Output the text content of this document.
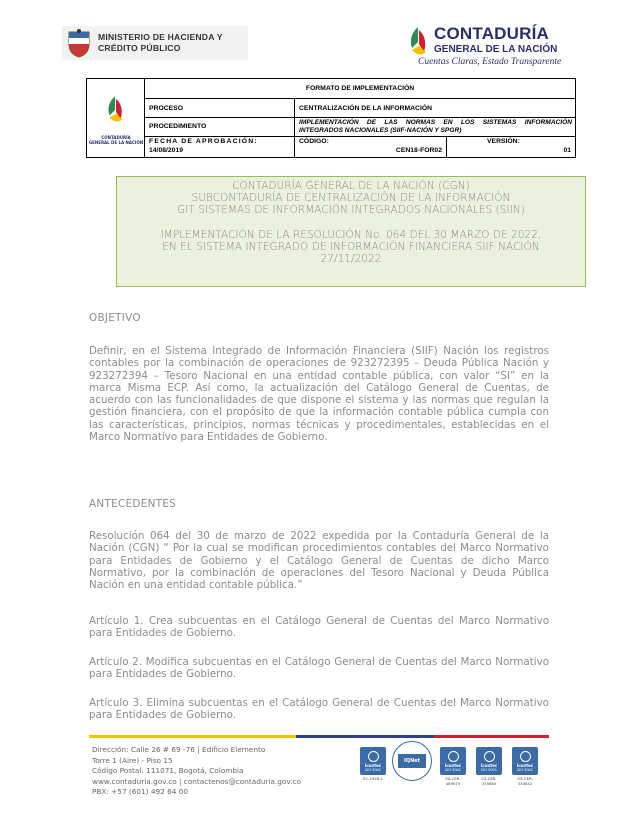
MINISTERIO DE HACIENDA Y
CRÉDITO PÚBLICO
CONTADURÍA
GENERAL DE LA NACIÓN
Cuentas Claras, Estado Transparente
CONTADURÍA
GENERAL DE LA NACIÓN
FORMATO DE IMPLEMENTACIÓN
PROCESO	CENTRALIZACIÓN DE LA INFORMACIÓN
PROCEDIMIENTO
IMPLEMENTACIÓN DE LAS NORMAS EN LOS SISTEMAS INFORMACIÓN INTEGRADOS NACIONALES (SIIF-NACIÓN Y SPGR)
FECHA DE APROBACIÓN:
14/08/2019
CÓDIGO:
CEN18-FOR02
VERSIÓN:
01
CONTADURÍA GENERAL DE LA NACIÓN (CGN)
SUBCONTADURÍA DE CENTRALIZACIÓN DE LA INFORMACIÓN
GIT SISTEMAS DE INFORMACIÓN INTEGRADOS NACIONALES (SIIN)
IMPLEMENTACIÓN DE LA RESOLUCIÓN No. 064 DEL 30 MARZO DE 2022,
EN EL SISTEMA INTEGRADO DE INFORMACIÓN FINANCIERA SIIF NACIÓN
27/11/2022
OBJETIVO
Definir, en el Sistema Integrado de Información Financiera (SIIF) Nación los registros contables por la combinación de operaciones de 923272395 – Deuda Pública Nación y 923272394 – Tesoro Nacional en una entidad contable pública, con valor “SI” en la marca Misma ECP. Así como, la actualización del Catálogo General de Cuentas, de acuerdo con las funcionalidades de que dispone el sistema y las normas que regulan la gestión financiera, con el propósito de que la información contable pública cumpla con las características, principios, normas técnicas y procedimentales, establecidas en el Marco Normativo para Entidades de Gobierno.
ANTECEDENTES
Resolución 064 del 30 de marzo de 2022 expedida por la Contaduría General de la Nación (CGN) “ Por la cual se modifican procedimientos contables del Marco Normativo para Entidades de Gobierno y el Catálogo General de Cuentas de dicho Marco Normativo, por la combinación de operaciones del Tesoro Nacional y Deuda Pública Nación en una entidad contable pública.”
Artículo 1. Crea subcuentas en el Catálogo General de Cuentas del Marco Normativo para Entidades de Gobierno.
Artículo 2. Modifica subcuentas en el Catálogo General de Cuentas del Marco Normativo para Entidades de Gobierno.
Artículo 3. Elimina subcuentas en el Catálogo General de Cuentas del Marco Normativo para Entidades de Gobierno.
Dirección: Calle 26 # 69 -76 | Edificio Elemento
Torre 1 (Aire) - Piso 15
Código Postal: 111071, Bogotá, Colombia
www.contaduria.gov.co | contactenos@contaduria.gov.co
PBX: +57 (601) 492 64 00
Icontec
ISO 9001
SC-1926-1
IQNet
Icontec
ISO 9001
SA-CER-489075
Icontec
ISO 9001
CS-CER-335885
Icontec
ISO 9001
OS-CER-330842
